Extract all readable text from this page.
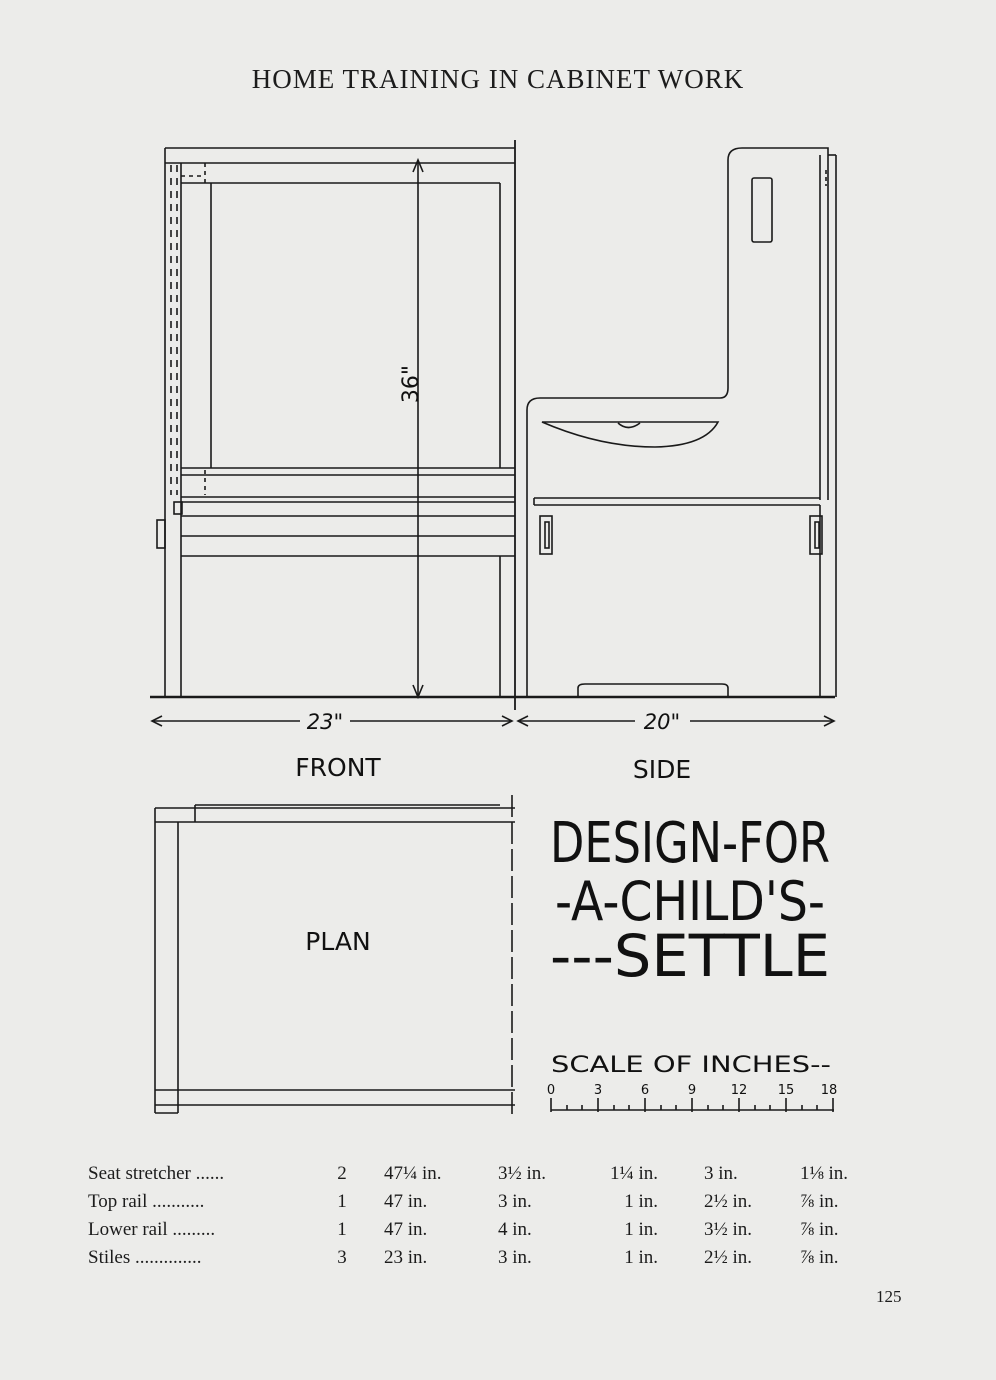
HOME TRAINING IN CABINET WORK
36"
23"	20"
FRONT	SIDE
PLAN
DESIGN-FOR
-A-CHILD'S-
---SETTLE
SCALE OF INCHES--
0	3	6	9	12 15 18
Seat stretcher ......	2	47¼ in.	3½ in.	1¼ in.	3 in.	1⅛ in.
Top rail ...........	1	47 in.	3 in.	1 in.	2½ in.	⅞ in.
Lower rail .........	1	47 in.	4 in.	1 in.	3½ in.	⅞ in.
Stiles ..............	3	23 in.	3 in.	1 in.	2½ in.	⅞ in.
125
